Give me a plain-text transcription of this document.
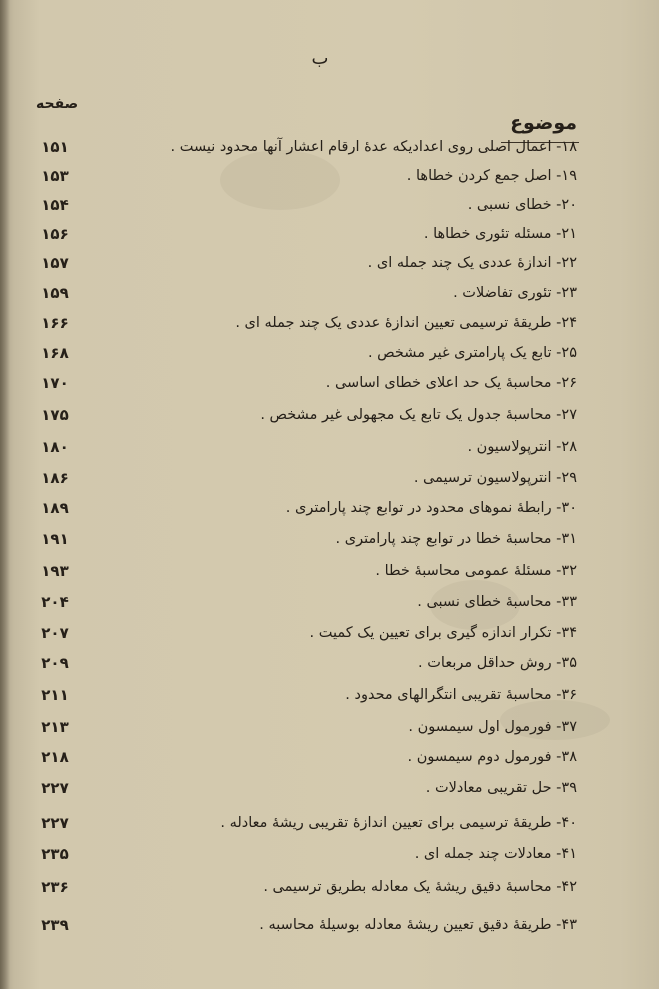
ب
موضوع
صفحه
۱۸- اعمال اصلی روی اعدادیکه عدهٔ ارقام اعشار آنها محدود نیست .
۱۵۱
۱۹- اصل جمع کردن خطاها .
۱۵۳
۲۰- خطای نسبی .
۱۵۴
۲۱- مسئله تئوری خطاها .
۱۵۶
۲۲- اندازهٔ عددی یک چند جمله ای .
۱۵۷
۲۳- تئوری تفاضلات .
۱۵۹
۲۴- طریقهٔ ترسیمی تعیین اندازهٔ عددی یک چند جمله ای .
۱۶۶
۲۵- تابع یک پارامتری غیر مشخص .
۱۶۸
۲۶- محاسبهٔ یک حد اعلای خطای اساسی .
۱۷۰
۲۷- محاسبهٔ جدول یک تابع یک مجهولی غیر مشخص .
۱۷۵
۲۸- انترپولاسیون .
۱۸۰
۲۹- انترپولاسیون ترسیمی .
۱۸۶
۳۰- رابطهٔ نموهای محدود در توابع چند پارامتری .
۱۸۹
۳۱- محاسبهٔ خطا در توابع چند پارامتری .
۱۹۱
۳۲- مسئلهٔ عمومی محاسبهٔ خطا .
۱۹۳
۳۳- محاسبهٔ خطای نسبی .
۲۰۴
۳۴- تکرار اندازه گیری برای تعیین یک کمیت .
۲۰۷
۳۵- روش حداقل مربعات .
۲۰۹
۳۶- محاسبهٔ تقریبی انتگرالهای محدود .
۲۱۱
۳۷- فورمول اول سیمسون .
۲۱۳
۳۸- فورمول دوم سیمسون .
۲۱۸
۳۹- حل تقریبی معادلات .
۲۲۷
۴۰- طریقهٔ ترسیمی برای تعیین اندازهٔ تقریبی ریشهٔ معادله .
۲۲۷
۴۱- معادلات چند جمله ای .
۲۳۵
۴۲- محاسبهٔ دقیق ریشهٔ یک معادله بطریق ترسیمی .
۲۳۶
۴۳- طریقهٔ دقیق تعیین ریشهٔ معادله بوسیلهٔ محاسبه .
۲۳۹
